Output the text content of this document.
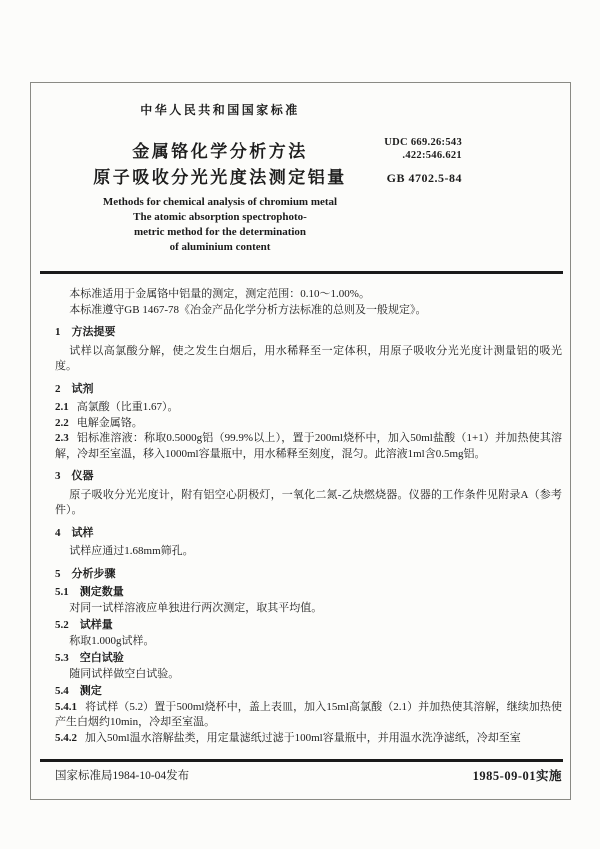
中华人民共和国国家标准
金属铬化学分析方法
原子吸收分光光度法测定铝量
UDC 669.26:543
.422:546.621
GB 4702.5-84
Methods for chemical analysis of chromium metal
The atomic absorption spectrophoto-
metric method for the determination
of aluminium content

本标准适用于金属铬中铝量的测定，测定范围：0.10～1.00%。

本标准遵守GB 1467-78《冶金产品化学分析方法标准的总则及一般规定》。

1　方法提要

试样以高氯酸分解，使之发生白烟后，用水稀释至一定体积，用原子吸收分光光度计测量铝的吸光度。

2　试剂

2.1 高氯酸（比重1.67）。

2.2 电解金属铬。

2.3 铝标准溶液：称取0.5000g铝（99.9%以上），置于200ml烧杯中，加入50ml盐酸（1+1）并加热使其溶解，冷却至室温，移入1000ml容量瓶中，用水稀释至刻度，混匀。此溶液1ml含0.5mg铝。

3　仪器

原子吸收分光光度计，附有铝空心阴极灯，一氧化二氮-乙炔燃烧器。仪器的工作条件见附录A（参考件）。

4　试样

试样应通过1.68mm筛孔。

5　分析步骤

5.1　测定数量

对同一试样溶液应单独进行两次测定，取其平均值。

5.2　试样量

称取1.000g试样。

5.3　空白试验

随同试样做空白试验。

5.4　测定

5.4.1 将试样（5.2）置于500ml烧杯中，盖上表皿，加入15ml高氯酸（2.1）并加热使其溶解，继续加热使产生白烟约10min，冷却至室温。

5.4.2 加入50ml温水溶解盐类，用定量滤纸过滤于100ml容量瓶中，并用温水洗净滤纸，冷却至室

国家标准局1984-10-04发布	1985-09-01实施
